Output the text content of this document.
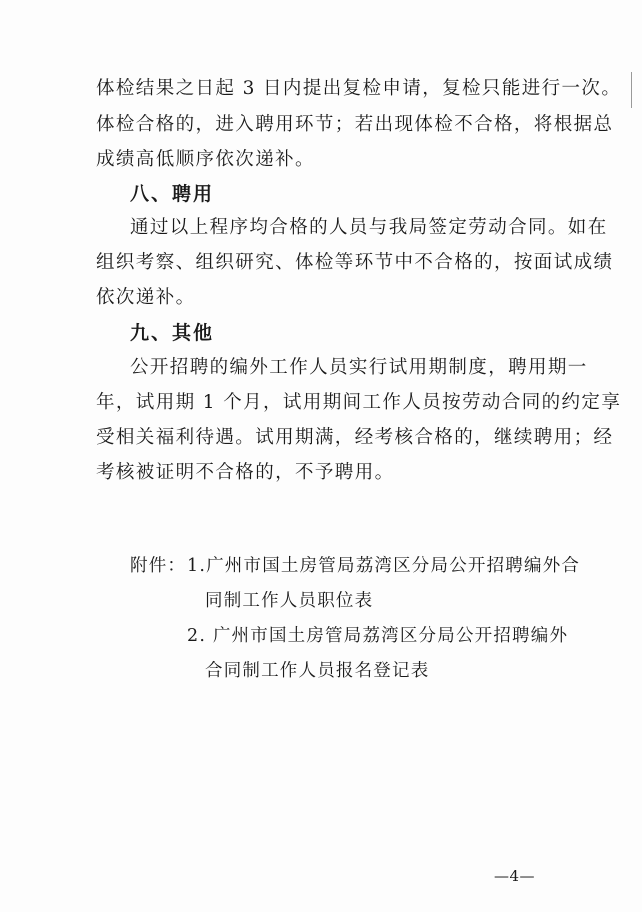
体检结果之日起 3 日内提出复检申请，复检只能进行一次。
体检合格的，进入聘用环节；若出现体检不合格，将根据总
成绩高低顺序依次递补。
八、聘用
通过以上程序均合格的人员与我局签定劳动合同。如在
组织考察、组织研究、体检等环节中不合格的，按面试成绩
依次递补。
九、其他
公开招聘的编外工作人员实行试用期制度，聘用期一
年，试用期 1 个月，试用期间工作人员按劳动合同的约定享
受相关福利待遇。试用期满，经考核合格的，继续聘用；经
考核被证明不合格的，不予聘用。
附件： 1.广州市国土房管局荔湾区分局公开招聘编外合
同制工作人员职位表
2. 广州市国土房管局荔湾区分局公开招聘编外
合同制工作人员报名登记表
—4—
